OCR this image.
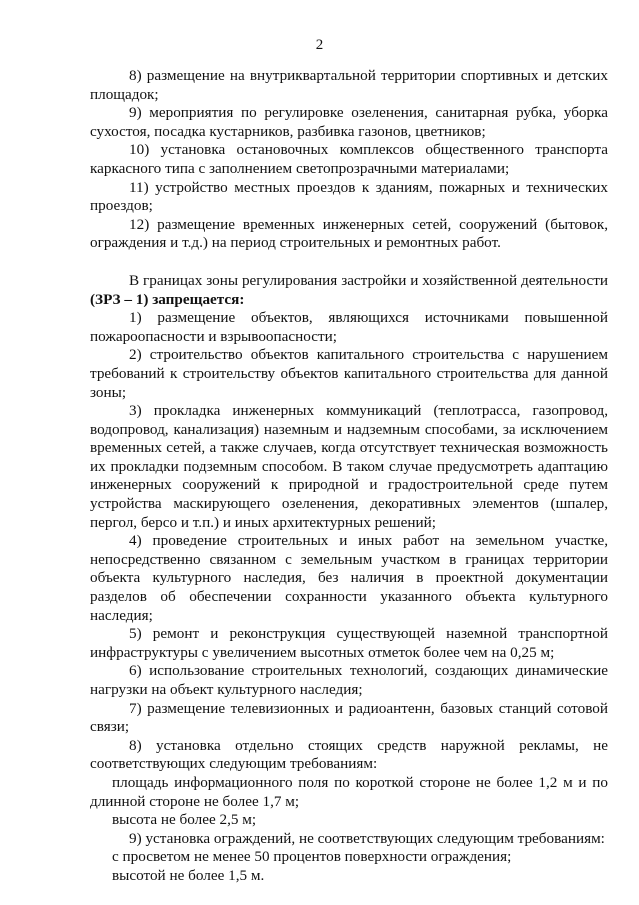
2

8) размещение на внутриквартальной территории спортивных и детских площадок;

9) мероприятия по регулировке озеленения, санитарная рубка, уборка сухостоя, посадка кустарников, разбивка газонов, цветников;

10) установка остановочных комплексов общественного транспорта каркасного типа с заполнением светопрозрачными материалами;

11) устройство местных проездов к зданиям, пожарных и технических проездов;

12) размещение временных инженерных сетей, сооружений (бытовок, ограждения и т.д.) на период строительных и ремонтных работ.

В границах зоны регулирования застройки и хозяйственной деятельности (ЗРЗ – 1) запрещается:

1) размещение объектов, являющихся источниками повышенной пожароопасности и взрывоопасности;

2) строительство объектов капитального строительства с нарушением требований к строительству объектов капитального строительства для данной зоны;

3) прокладка инженерных коммуникаций (теплотрасса, газопровод, водопровод, канализация) наземным и надземным способами, за исключением временных сетей, а также случаев, когда отсутствует техническая возможность их прокладки подземным способом. В таком случае предусмотреть адаптацию инженерных сооружений к природной и градостроительной среде путем устройства маскирующего озеленения, декоративных элементов (шпалер, пергол, берсо и т.п.) и иных архитектурных решений;

4) проведение строительных и иных работ на земельном участке, непосредственно связанном с земельным участком в границах территории объекта культурного наследия, без наличия в проектной документации разделов об обеспечении сохранности указанного объекта культурного наследия;

5) ремонт и реконструкция существующей наземной транспортной инфраструктуры с увеличением высотных отметок более чем на 0,25 м;

6) использование строительных технологий, создающих динамические нагрузки на объект культурного наследия;

7) размещение телевизионных и радиоантенн, базовых станций сотовой связи;

8) установка отдельно стоящих средств наружной рекламы, не соответствующих следующим требованиям:

площадь информационного поля по короткой стороне не более 1,2 м и по длинной стороне не более 1,7 м;

высота не более 2,5 м;

9) установка ограждений, не соответствующих следующим требованиям:

с просветом не менее 50 процентов поверхности ограждения;

высотой не более 1,5 м.
